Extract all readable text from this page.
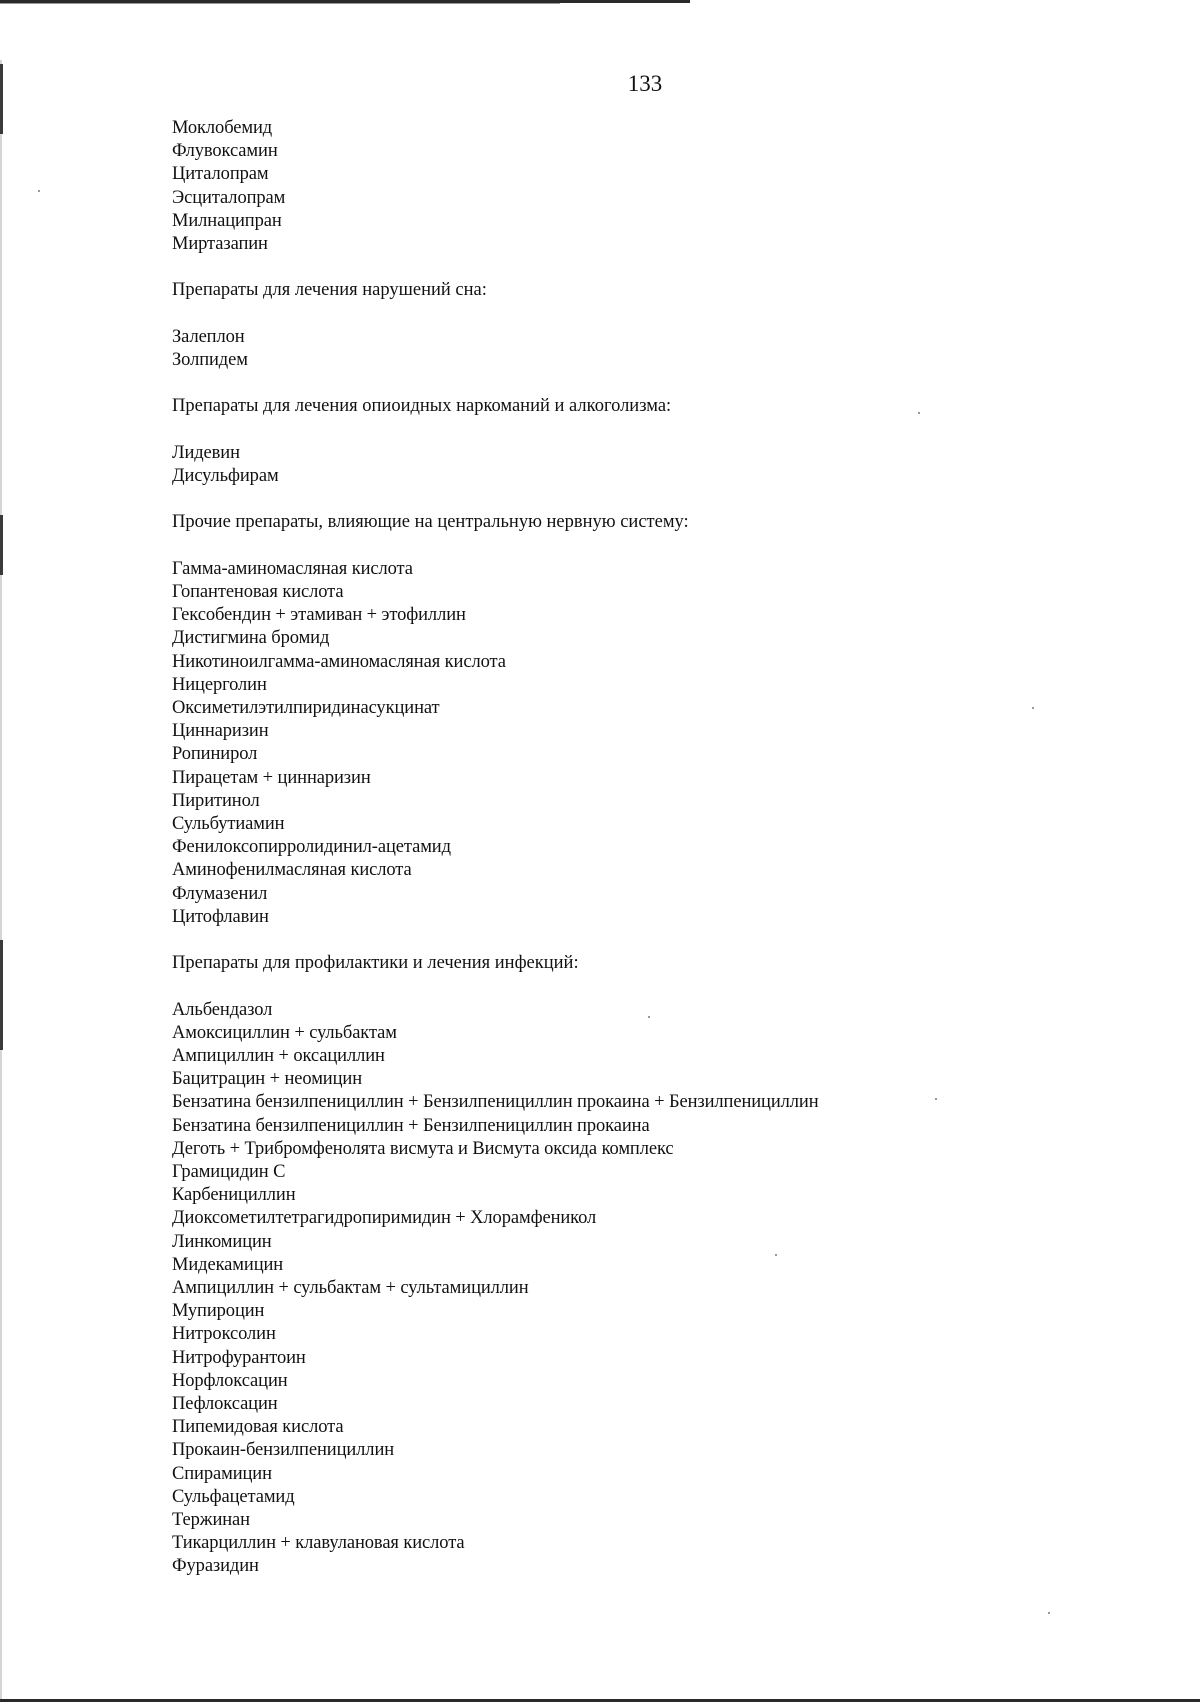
133
Моклобемид
Флувоксамин
Циталопрам
Эсциталопрам
Милнаципран
Миртазапин
Препараты для лечения нарушений сна:
Залеплон
Золпидем
Препараты для лечения опиоидных наркоманий и алкоголизма:
Лидевин
Дисульфирам
Прочие препараты, влияющие на центральную нервную систему:
Гамма-аминомасляная кислота
Гопантеновая кислота
Гексобендин + этамиван + этофиллин
Дистигмина бромид
Никотиноилгамма-аминомасляная кислота
Ницерголин
Оксиметилэтилпиридинасукцинат
Циннаризин
Ропинирол
Пирацетам + циннаризин
Пиритинол
Сульбутиамин
Фенилоксопирролидинил-ацетамид
Аминофенилмасляная кислота
Флумазенил
Цитофлавин
Препараты для профилактики и лечения инфекций:
Альбендазол
Амоксициллин + сульбактам
Ампициллин + оксациллин
Бацитрацин + неомицин
Бензатина бензилпенициллин + Бензилпенициллин прокаина + Бензилпенициллин
Бензатина бензилпенициллин + Бензилпенициллин прокаина
Деготь + Трибромфенолята висмута и Висмута оксида комплекс
Грамицидин С
Карбенициллин
Диоксометилтетрагидропиримидин + Хлорамфеникол
Линкомицин
Мидекамицин
Ампициллин + сульбактам + сультамициллин
Мупироцин
Нитроксолин
Нитрофурантоин
Норфлоксацин
Пефлоксацин
Пипемидовая кислота
Прокаин-бензилпенициллин
Спирамицин
Сульфацетамид
Тержинан
Тикарциллин + клавулановая кислота
Фуразидин
